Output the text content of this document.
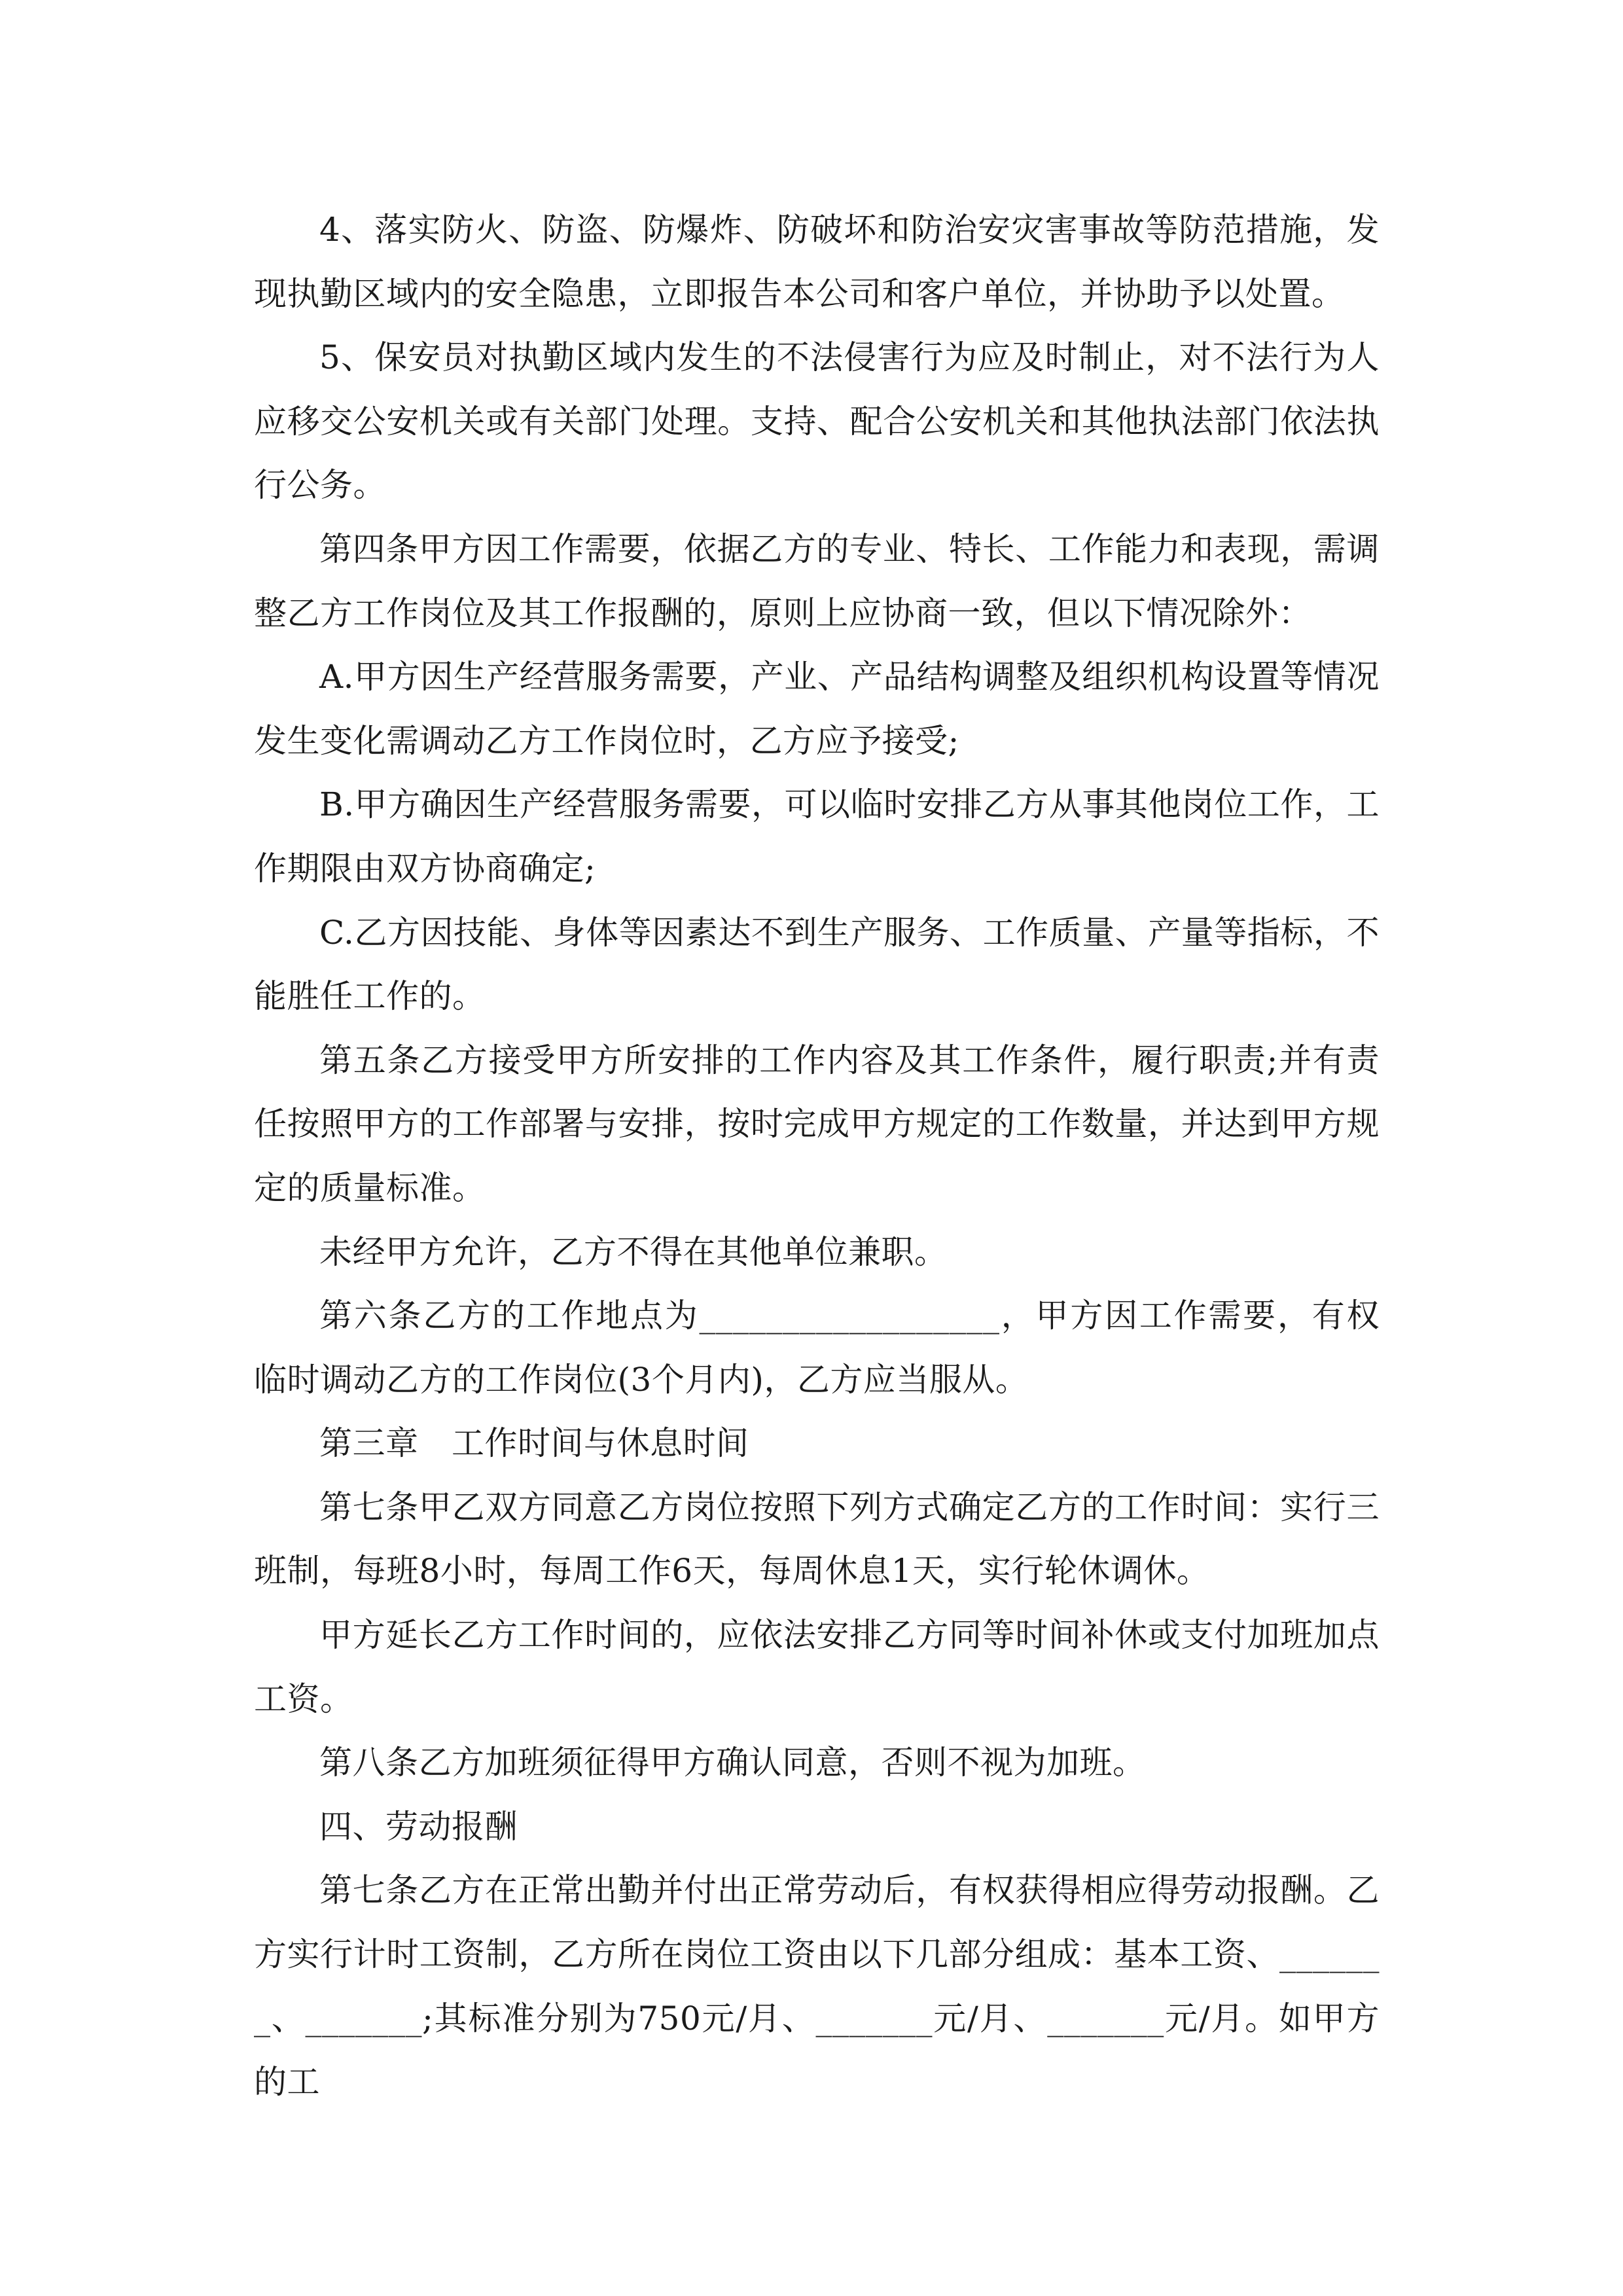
4、落实防火、防盗、防爆炸、防破坏和防治安灾害事故等防范措施，发现执勤区域内的安全隐患，立即报告本公司和客户单位，并协助予以处置。

5、保安员对执勤区域内发生的不法侵害行为应及时制止，对不法行为人应移交公安机关或有关部门处理。支持、配合公安机关和其他执法部门依法执行公务。

第四条甲方因工作需要，依据乙方的专业、特长、工作能力和表现，需调整乙方工作岗位及其工作报酬的，原则上应协商一致，但以下情况除外：

A.甲方因生产经营服务需要，产业、产品结构调整及组织机构设置等情况发生变化需调动乙方工作岗位时，乙方应予接受;

B.甲方确因生产经营服务需要，可以临时安排乙方从事其他岗位工作，工作期限由双方协商确定;

C.乙方因技能、身体等因素达不到生产服务、工作质量、产量等指标，不能胜任工作的。

第五条乙方接受甲方所安排的工作内容及其工作条件，履行职责;并有责任按照甲方的工作部署与安排，按时完成甲方规定的工作数量，并达到甲方规定的质量标准。

未经甲方允许，乙方不得在其他单位兼职。

第六条乙方的工作地点为__________________，甲方因工作需要，有权临时调动乙方的工作岗位(3个月内)，乙方应当服从。

第三章　工作时间与休息时间

第七条甲乙双方同意乙方岗位按照下列方式确定乙方的工作时间：实行三班制，每班8小时，每周工作6天，每周休息1天，实行轮休调休。

甲方延长乙方工作时间的，应依法安排乙方同等时间补休或支付加班加点工资。

第八条乙方加班须征得甲方确认同意，否则不视为加班。

四、劳动报酬

第七条乙方在正常出勤并付出正常劳动后，有权获得相应得劳动报酬。乙方实行计时工资制，乙方所在岗位工资由以下几部分组成：基本工资、_______、_______;其标准分别为750元/月、_______元/月、_______元/月。如甲方的工
